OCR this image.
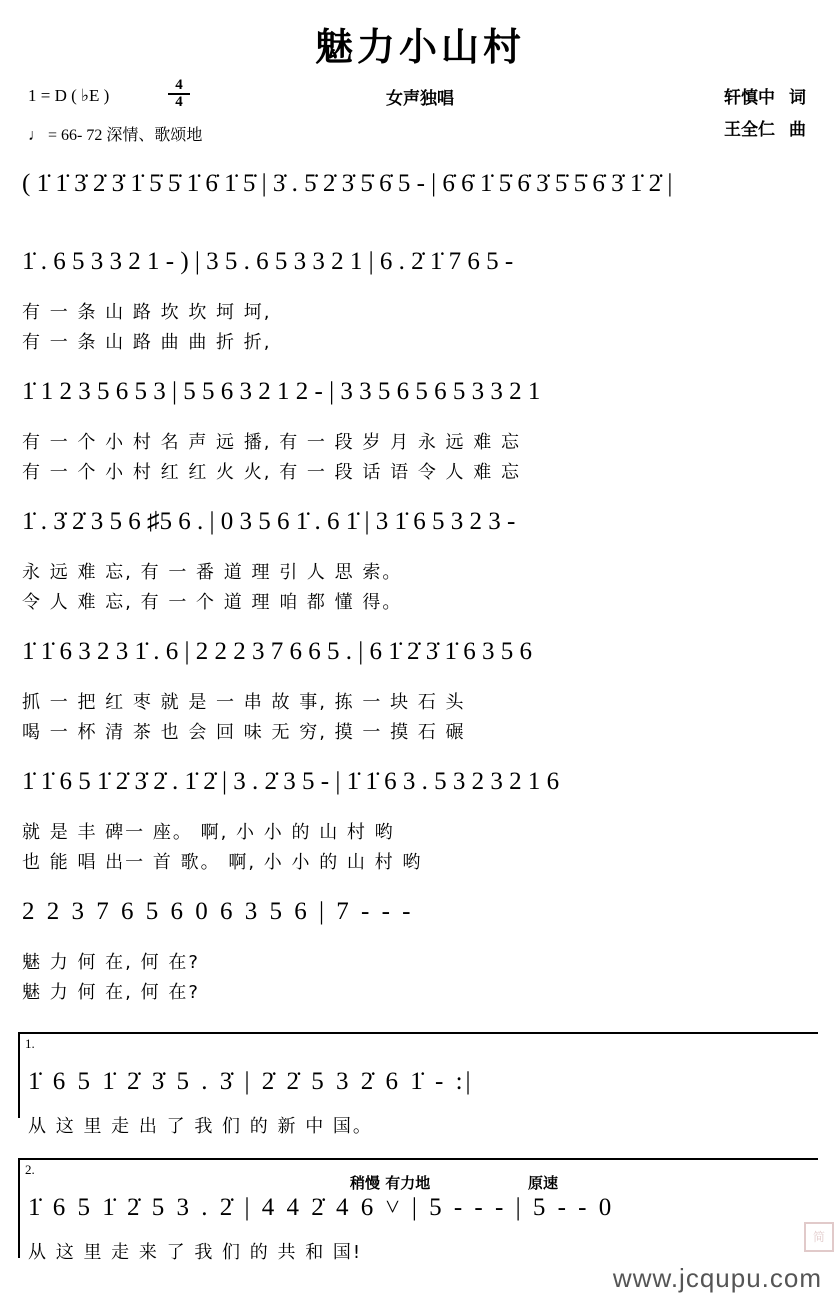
魅力小山村
1 = D ( ♭E )	$\frac{4}{4}$
♩ = 66- 72 深情、歌颂地
女声独唱	轩慎中 词
王全仁 曲
( 1̇ 1̇ 3̇ 2̇ 3̇ 1̇ 5̇ 5̇ 1̇ 6̇ 1̇ 5̇ | 3̇ . 5̇ 2̇ 3̇ 5̇ 6̇ 5 - | 6̇ 6̇ 1̇ 5̇ 6̇ 3̇ 5̇ 5̇ 6̇ 3̇ 1̇ 2̇ |
1̇ . 6 5 3 3 2 1 - ) | 3 5 . 6 5 3 3 2 1 | 6 . 2̇ 1̇ 7 6 5 -
有 一 条 山 路 坎 坎 坷 坷,
有 一 条 山 路 曲 曲 折 折,
1̇ 1 2 3 5 6 5 3 | 5 5 6 3 2 1 2 - | 3 3 5 6 5 6 5 3 3 2 1
有 一 个 小 村 名 声 远 播, 有 一 段 岁 月 永 远 难 忘
有 一 个 小 村 红 红 火 火, 有 一 段 话 语 令 人 难 忘
1̇ . 3̇ 2̇ 3 5 6 ♯5 6 . | 0 3 5 6 1̇ . 6 1̇ | 3 1̇ 6 5 3 2 3 -
永 远 难 忘, 有 一 番 道 理 引 人 思 索。
令 人 难 忘, 有 一 个 道 理 咱 都 懂 得。
1̇ 1̇ 6 3 2 3 1̇ . 6 | 2 2 2 3 7 6 6 5 . | 6 1̇ 2̇ 3̇ 1̇ 6 3 5 6
抓 一 把 红 枣 就 是 一 串 故 事, 拣 一 块 石 头
喝 一 杯 清 茶 也 会 回 味 无 穷, 摸 一 摸 石 碾
1̇ 1̇ 6 5 1̇ 2̇ 3̇ 2̇ . 1̇ 2̇ | 3 . 2̇ 3 5 - | 1̇ 1̇ 6 3 . 5 3 2 3 2 1 6
就 是 丰 碑一 座。 啊, 小 小 的 山 村 哟
也 能 唱 出一 首 歌。 啊, 小 小 的 山 村 哟
2 2 3 7 6 5 6 0 6 3 5 6 | 7 - - -
魅 力 何 在, 何 在?
魅 力 何 在, 何 在?
1.
1̇ 6 5 1̇ 2̇ 3̇ 5 . 3̇ | 2̇ 2̇ 5 3 2̇ 6 1̇ - :|
从 这 里 走 出 了 我 们 的 新 中 国。
2.
稍慢 有力地	原速
1̇ 6 5 1̇ 2̇ 5 3 . 2̇ | 4 4 2̇ 4 6 ˅ | 5 - - - | 5 - - 0
从 这 里 走 来 了 我 们 的 共 和 国!
简
www.jcqupu.com
